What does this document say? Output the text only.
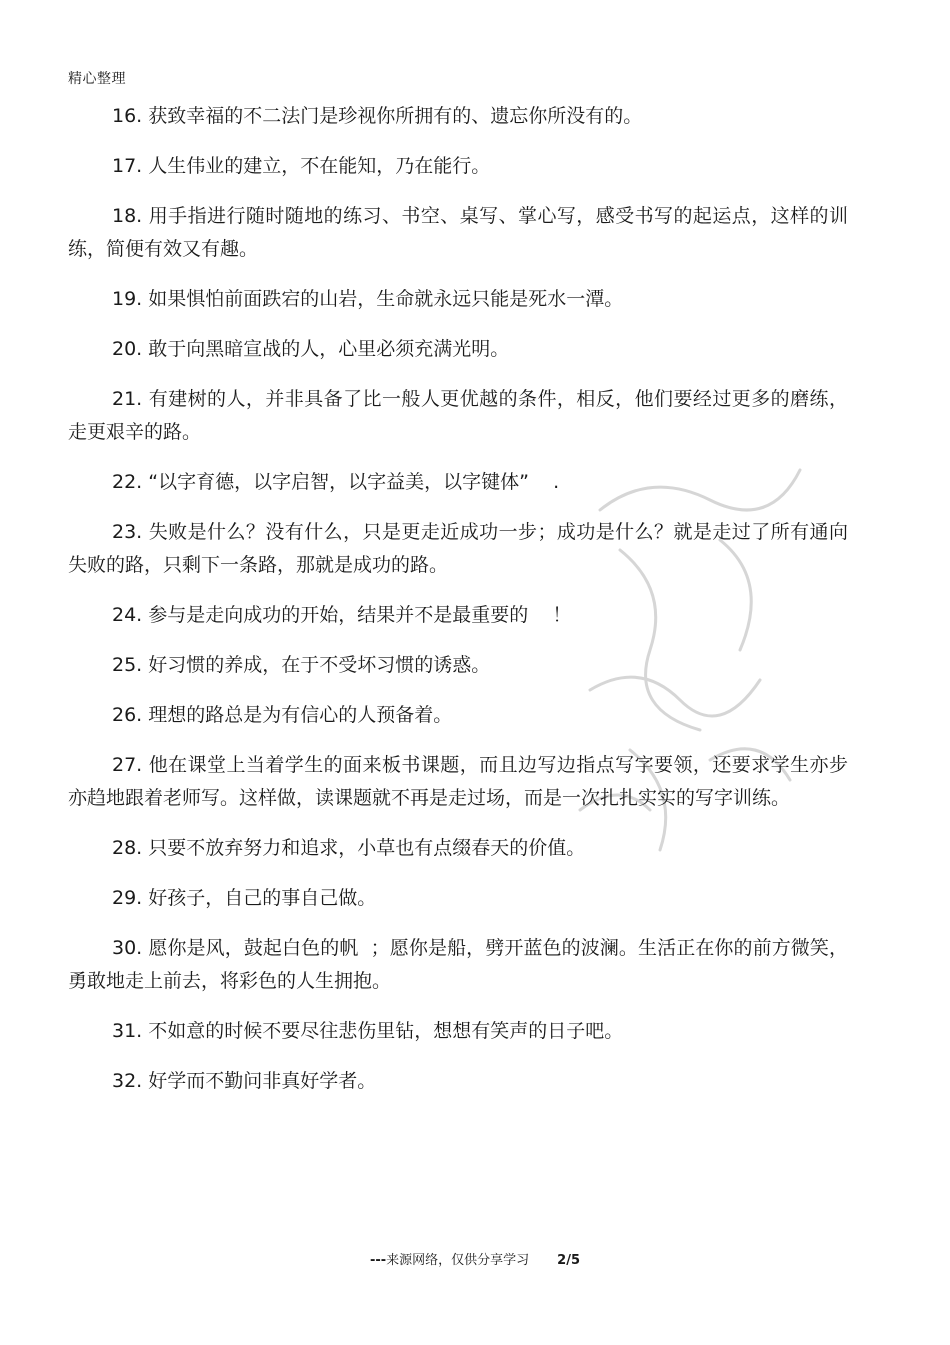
精心整理

16. 获致幸福的不二法门是珍视你所拥有的、遗忘你所没有的。

17. 人生伟业的建立，不在能知，乃在能行。

18. 用手指进行随时随地的练习、书空、桌写、掌心写，感受书写的起运点，这样的训练，简便有效又有趣。

19. 如果惧怕前面跌宕的山岩，生命就永远只能是死水一潭。

20. 敢于向黑暗宣战的人，心里必须充满光明。

21. 有建树的人，并非具备了比一般人更优越的条件，相反，他们要经过更多的磨练，走更艰辛的路。

22. “以字育德，以字启智，以字益美，以字键体”    .

23. 失败是什么？没有什么，只是更走近成功一步；成功是什么？就是走过了所有通向失败的路，只剩下一条路，那就是成功的路。

24. 参与是走向成功的开始，结果并不是最重要的    ！

25. 好习惯的养成，在于不受坏习惯的诱惑。

26. 理想的路总是为有信心的人预备着。

27. 他在课堂上当着学生的面来板书课题，而且边写边指点写字要领，还要求学生亦步亦趋地跟着老师写。这样做，读课题就不再是走过场，而是一次扎扎实实的写字训练。

28. 只要不放弃努力和追求，小草也有点缀春天的价值。

29. 好孩子，自己的事自己做。

30. 愿你是风，鼓起白色的帆  ；愿你是船，劈开蓝色的波澜。生活正在你的前方微笑，勇敢地走上前去，将彩色的人生拥抱。

31. 不如意的时候不要尽往悲伤里钻，想想有笑声的日子吧。

32. 好学而不勤问非真好学者。

---来源网络，仅供分享学习 2/5
